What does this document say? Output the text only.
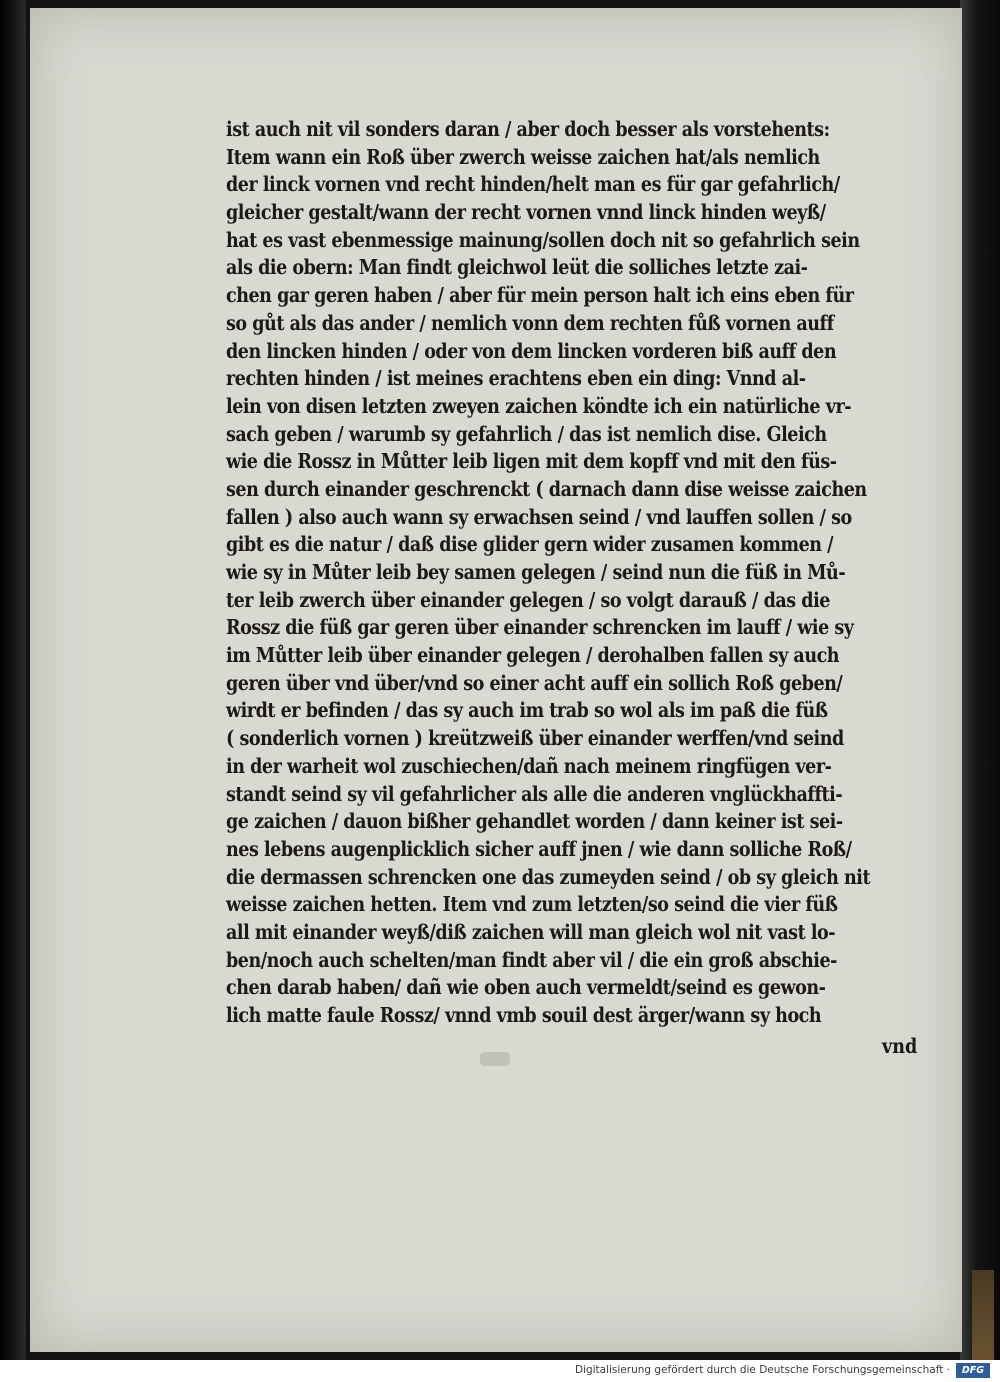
ist auch nit vil sonders daran / aber doch besser als vorstehents:
Item wann ein Roß über zwerch weisse zaichen hat/als nemlich
der linck vornen vnd recht hinden/helt man es für gar gefahrlich/
gleicher gestalt/wann der recht vornen vnnd linck hinden weyß/
hat es vast ebenmessige mainung/sollen doch nit so gefahrlich sein
als die obern: Man findt gleichwol leüt die solliches letzte zai-
chen gar geren haben / aber für mein person halt ich eins eben für
so gůt als das ander / nemlich vonn dem rechten fůß vornen auff
den lincken hinden / oder von dem lincken vorderen biß auff den
rechten hinden / ist meines erachtens eben ein ding: Vnnd al-
lein von disen letzten zweyen zaichen köndte ich ein natürliche vr-
sach geben / warumb sy gefahrlich / das ist nemlich dise. Gleich
wie die Rossz in Můtter leib ligen mit dem kopff vnd mit den füs-
sen durch einander geschrenckt ( darnach dann dise weisse zaichen
fallen ) also auch wann sy erwachsen seind / vnd lauffen sollen / so
gibt es die natur / daß dise glider gern wider zusamen kommen /
wie sy in Můter leib bey samen gelegen / seind nun die füß in Mů-
ter leib zwerch über einander gelegen / so volgt darauß / das die
Rossz die füß gar geren über einander schrencken im lauff / wie sy
im Můtter leib über einander gelegen / derohalben fallen sy auch
geren über vnd über/vnd so einer acht auff ein sollich Roß geben/
wirdt er befinden / das sy auch im trab so wol als im paß die füß
( sonderlich vornen ) kreützweiß über einander werffen/vnd seind
in der warheit wol zuschiechen/dañ nach meinem ringfügen ver-
standt seind sy vil gefahrlicher als alle die anderen vnglückhaffti-
ge zaichen / dauon bißher gehandlet worden / dann keiner ist sei-
nes lebens augenplicklich sicher auff jnen / wie dann solliche Roß/
die dermassen schrencken one das zumeyden seind / ob sy gleich nit
weisse zaichen hetten. Item vnd zum letzten/so seind die vier füß
all mit einander weyß/diß zaichen will man gleich wol nit vast lo-
ben/noch auch schelten/man findt aber vil / die ein groß abschie-
chen darab haben/ dañ wie oben auch vermeldt/seind es gewon-
lich matte faule Rossz/ vnnd vmb souil dest ärger/wann sy hoch
vnd
Digitalisierung gefördert durch die Deutsche Forschungsgemeinschaft ·	DFG
